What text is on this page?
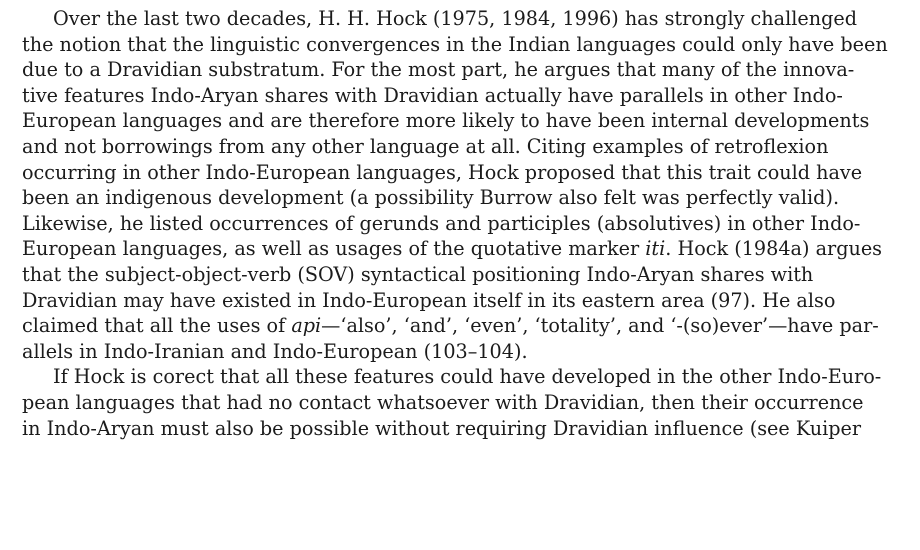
Over the last two decades, H. H. Hock (1975, 1984, 1996) has strongly challenged
the notion that the linguistic convergences in the Indian languages could only have been
due to a Dravidian substratum. For the most part, he argues that many of the innova-
tive features Indo-Aryan shares with Dravidian actually have parallels in other Indo-
European languages and are therefore more likely to have been internal developments
and not borrowings from any other language at all. Citing examples of retroflexion
occurring in other Indo-European languages, Hock proposed that this trait could have
been an indigenous development (a possibility Burrow also felt was perfectly valid).
Likewise, he listed occurrences of gerunds and participles (absolutives) in other Indo-
European languages, as well as usages of the quotative marker iti. Hock (1984a) argues
that the subject-object-verb (SOV) syntactical positioning Indo-Aryan shares with
Dravidian may have existed in Indo-European itself in its eastern area (97). He also
claimed that all the uses of api—‘also’, ‘and’, ‘even’, ‘totality’, and ‘-(so)ever’—have par-
allels in Indo-Iranian and Indo-European (103–104).
If Hock is corect that all these features could have developed in the other Indo-Euro-
pean languages that had no contact whatsoever with Dravidian, then their occurrence
in Indo-Aryan must also be possible without requiring Dravidian influence (see Kuiper
